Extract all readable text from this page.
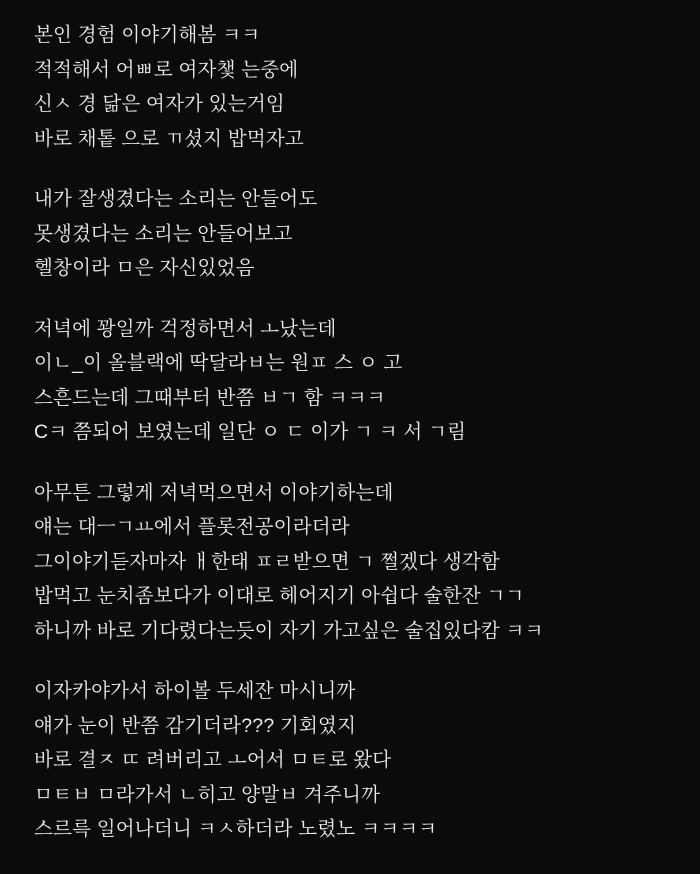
본인 경험 이야기해봄 ㅋㅋ
적적해서 어ㅃ로 여자챛 는중에
신ㅅ 경 닮은 여자가 있는거임
바로 채톹 으로 ㄲ셨지 밥먹자고
내가 잘생겼다는 소리는 안들어도
못생겼다는 소리는 안들어보고
헬창이라 ㅁ은 자신있었음
저녁에 꽝일까 걱정하면서 ㅗ났는데
이ㄴ_이 올블랙에 딱달라ㅂ는 원ㅍ 스 ㅇ 고
스흔드는데 그때부터 반쯤 ㅂㄱ 함 ㅋㅋㅋ
Cㅋ 쯤되어 보였는데 일단 ㅇ ㄷ 이가 ㄱ ㅋ 서 ㄱ림
아무튼 그렇게 저녁먹으면서 이야기하는데
얘는 대ㅡㄱㅛ에서 플롯전공이라더라
그이야기듣자마자 ㅐ한태 ㅍㄹ받으면 ㄱ 쩔겠다 생각함
밥먹고 눈치좀보다가 이대로 헤어지기 아쉽다 술한잔 ㄱㄱ
하니까 바로 기다렸다는듯이 자기 가고싶은 술집있다캄 ㅋㅋ
이자카야가서 하이볼 두세잔 마시니까
얘가 눈이 반쯤 감기더라??? 기회였지
바로 결ㅈ ㄸ 려버리고 ㅗ어서 ㅁㅌ로 왔다
ㅁㅌㅂ ㅁ라가서 ㄴ히고 양말ㅂ 겨주니까
스르륵 일어나더니 ㅋㅅ하더라 노렸노 ㅋㅋㅋㅋ
